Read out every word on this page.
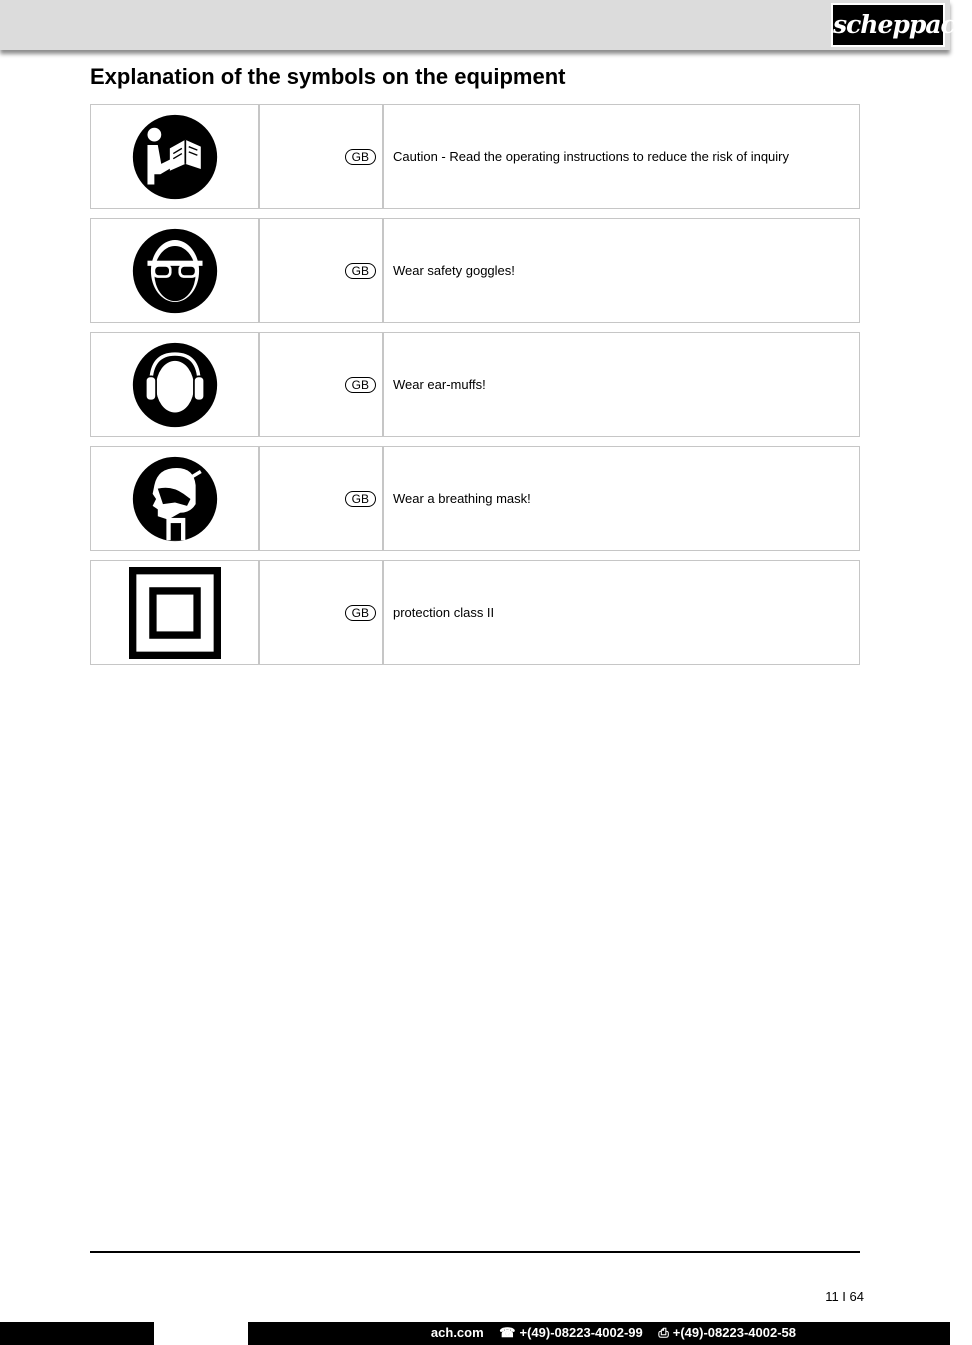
scheppach
Explanation of the symbols on the equipment
GB	Caution - Read the operating instructions to reduce the risk of inquiry
GB	Wear safety goggles!
GB	Wear ear-muffs!
GB	Wear a breathing mask!
GB	protection class II
11 I 64
ach.com ☎ +(49)-08223-4002-99 ⎙ +(49)-08223-4002-58
